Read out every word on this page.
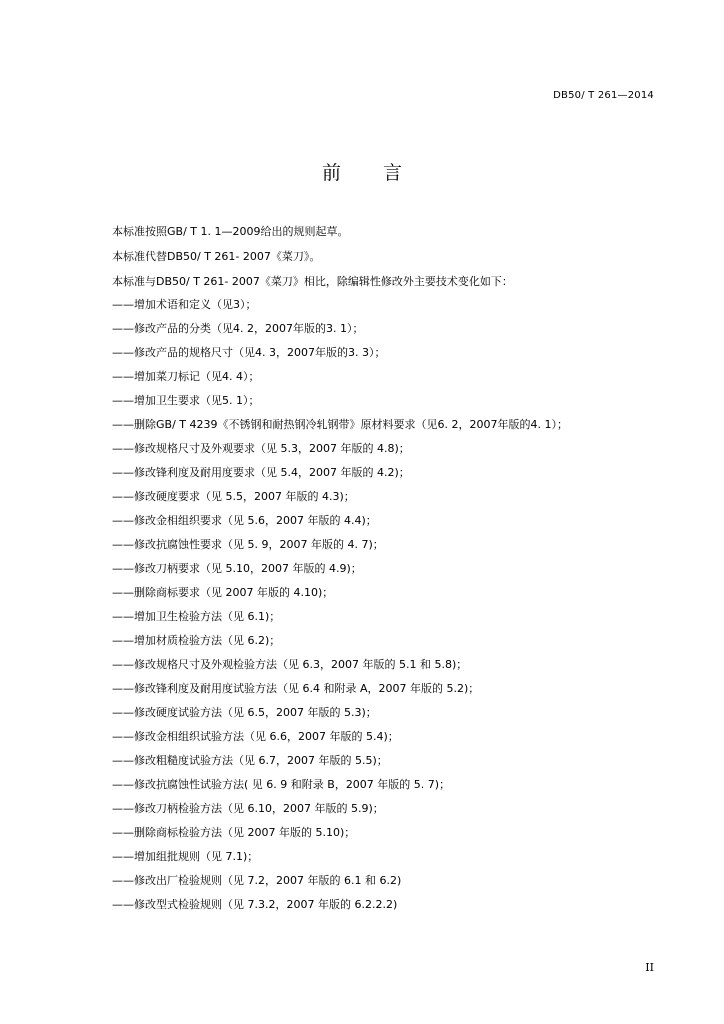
DB50/ T 261—2014
前言

本标准按照GB/ T 1. 1—2009给出的规则起草。

本标准代替DB50/ T 261- 2007《菜刀》。

本标准与DB50/ T 261- 2007《菜刀》相比，除编辑性修改外主要技术变化如下：

——增加术语和定义（见3）；
——修改产品的分类（见4. 2，2007年版的3. 1）；
——修改产品的规格尺寸（见4. 3，2007年版的3. 3）；
——增加菜刀标记（见4. 4）；
——增加卫生要求（见5. 1）；
——删除GB/ T 4239《不锈钢和耐热钢冷轧钢带》原材料要求（见6. 2，2007年版的4. 1）；
——修改规格尺寸及外观要求（见 5.3，2007 年版的 4.8)；
——修改锋利度及耐用度要求（见 5.4，2007 年版的 4.2)；
——修改硬度要求（见 5.5，2007 年版的 4.3)；
——修改金相组织要求（见 5.6，2007 年版的 4.4)；
——修改抗腐蚀性要求（见 5. 9，2007 年版的 4. 7)；
——修改刀柄要求（见 5.10，2007 年版的 4.9)；
——删除商标要求（见 2007 年版的 4.10)；
——增加卫生检验方法（见 6.1)；
——增加材质检验方法（见 6.2)；
——修改规格尺寸及外观检验方法（见 6.3，2007 年版的 5.1 和 5.8)；
——修改锋利度及耐用度试验方法（见 6.4 和附录 A，2007 年版的 5.2)；
——修改硬度试验方法（见 6.5，2007 年版的 5.3)；
——修改金相组织试验方法（见 6.6，2007 年版的 5.4)；
——修改粗糙度试验方法（见 6.7，2007 年版的 5.5)；
——修改抗腐蚀性试验方法( 见 6. 9 和附录 B，2007 年版的 5. 7)；
——修改刀柄检验方法（见 6.10，2007 年版的 5.9)；
——删除商标检验方法（见 2007 年版的 5.10)；
——增加组批规则（见 7.1)；
——修改出厂检验规则（见 7.2，2007 年版的 6.1 和 6.2)
——修改型式检验规则（见 7.3.2，2007 年版的 6.2.2.2)
II
